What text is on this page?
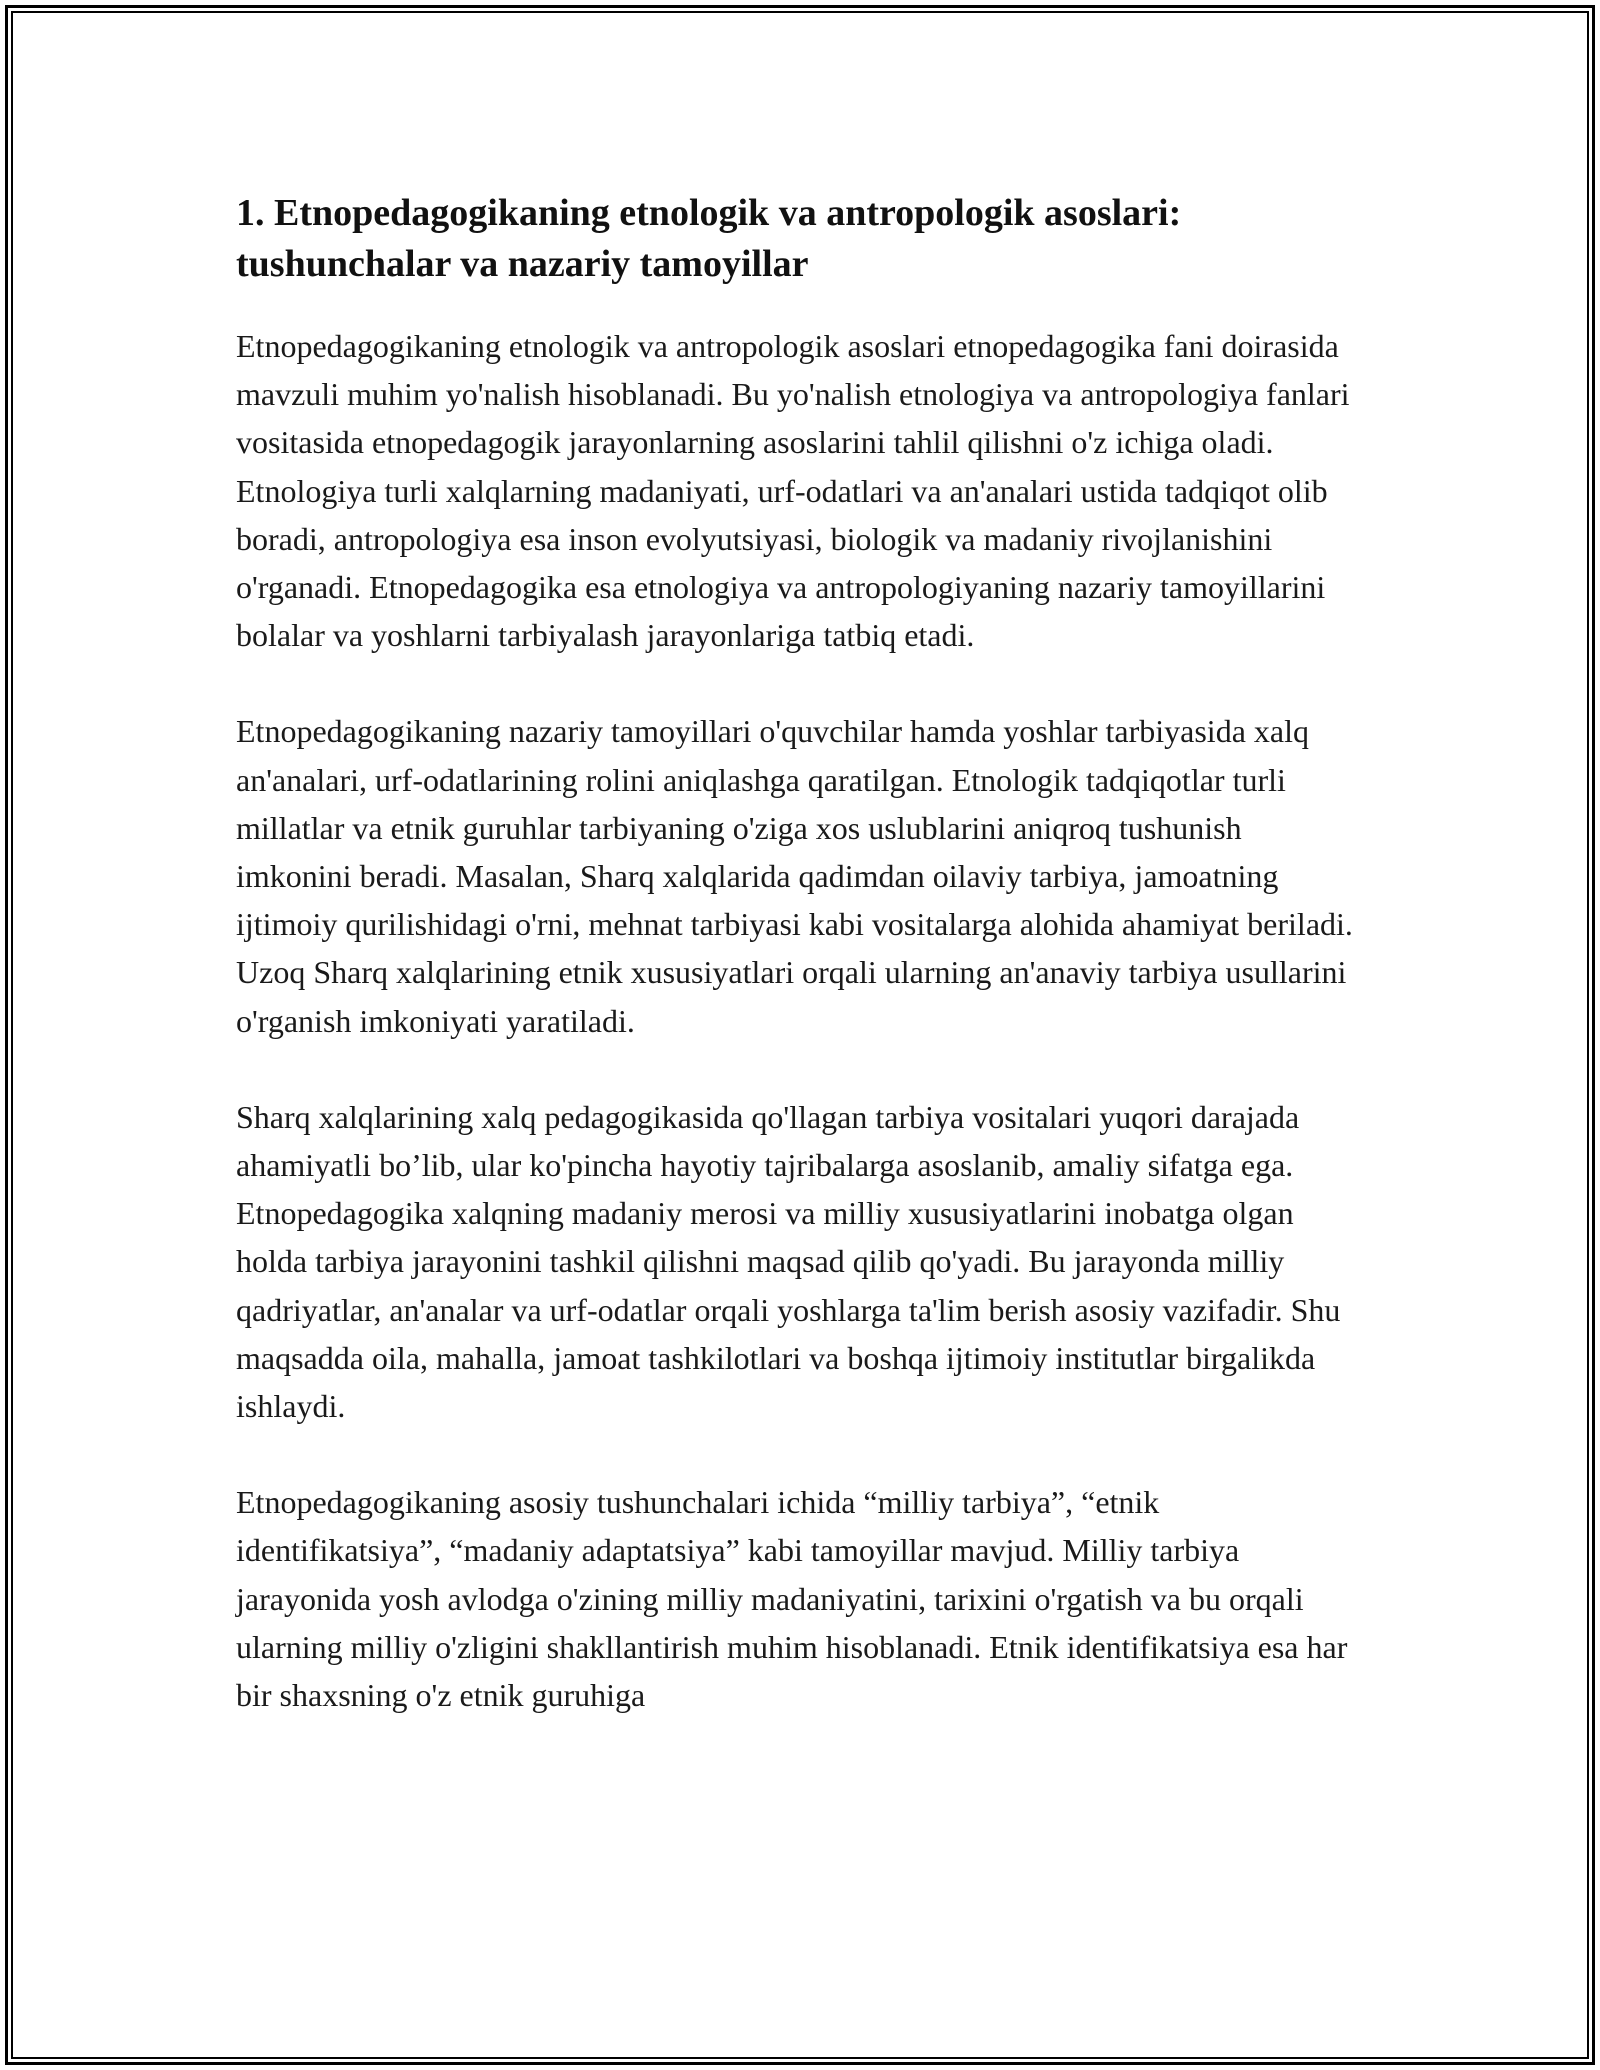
1. Etnopedagogikaning etnologik va antropologik asoslari: tushunchalar va nazariy tamoyillar

Etnopedagogikaning etnologik va antropologik asoslari etnopedagogika fani doirasida mavzuli muhim yo'nalish hisoblanadi. Bu yo'nalish etnologiya va antropologiya fanlari vositasida etnopedagogik jarayonlarning asoslarini tahlil qilishni o'z ichiga oladi. Etnologiya turli xalqlarning madaniyati, urf-odatlari va an'analari ustida tadqiqot olib boradi, antropologiya esa inson evolyutsiyasi, biologik va madaniy rivojlanishini o'rganadi. Etnopedagogika esa etnologiya va antropologiyaning nazariy tamoyillarini bolalar va yoshlarni tarbiyalash jarayonlariga tatbiq etadi.

Etnopedagogikaning nazariy tamoyillari o'quvchilar hamda yoshlar tarbiyasida xalq an'analari, urf-odatlarining rolini aniqlashga qaratilgan. Etnologik tadqiqotlar turli millatlar va etnik guruhlar tarbiyaning o'ziga xos uslublarini aniqroq tushunish imkonini beradi. Masalan, Sharq xalqlarida qadimdan oilaviy tarbiya, jamoatning ijtimoiy qurilishidagi o'rni, mehnat tarbiyasi kabi vositalarga alohida ahamiyat beriladi. Uzoq Sharq xalqlarining etnik xususiyatlari orqali ularning an'anaviy tarbiya usullarini o'rganish imkoniyati yaratiladi.

Sharq xalqlarining xalq pedagogikasida qo'llagan tarbiya vositalari yuqori darajada ahamiyatli bo’lib, ular ko'pincha hayotiy tajribalarga asoslanib, amaliy sifatga ega. Etnopedagogika xalqning madaniy merosi va milliy xususiyatlarini inobatga olgan holda tarbiya jarayonini tashkil qilishni maqsad qilib qo'yadi. Bu jarayonda milliy qadriyatlar, an'analar va urf-odatlar orqali yoshlarga ta'lim berish asosiy vazifadir. Shu maqsadda oila, mahalla, jamoat tashkilotlari va boshqa ijtimoiy institutlar birgalikda ishlaydi.

Etnopedagogikaning asosiy tushunchalari ichida “milliy tarbiya”, “etnik identifikatsiya”, “madaniy adaptatsiya” kabi tamoyillar mavjud. Milliy tarbiya jarayonida yosh avlodga o'zining milliy madaniyatini, tarixini o'rgatish va bu orqali ularning milliy o'zligini shakllantirish muhim hisoblanadi. Etnik identifikatsiya esa har bir shaxsning o'z etnik guruhiga
